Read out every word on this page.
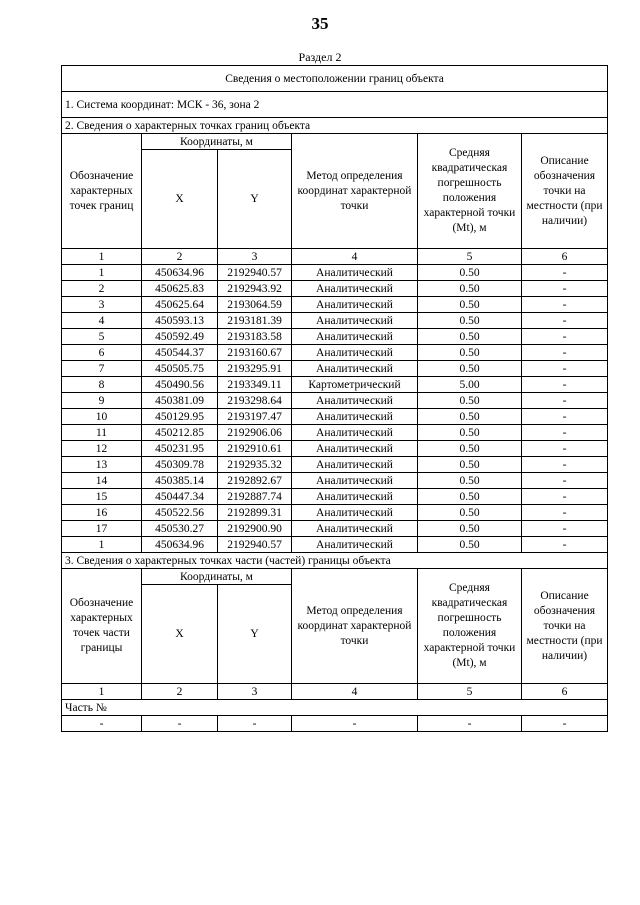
35
Раздел 2
Сведения о местоположении границ объекта					
1. Система координат: МСК - 36, зона 2					
2. Сведения о характерных точках границ объекта					
Обозначение характерных точек границ	Координаты, м		Метод определения координат характерной точки	Средняя квадратическая погрешность положения характерной точки (Mt), м	Описание обозначения точки на местности (при наличии)
	X	Y			
1	2	3	4	5	6
1	450634.96	2192940.57	Аналитический	0.50	-
2	450625.83	2192943.92	Аналитический	0.50	-
3	450625.64	2193064.59	Аналитический	0.50	-
4	450593.13	2193181.39	Аналитический	0.50	-
5	450592.49	2193183.58	Аналитический	0.50	-
6	450544.37	2193160.67	Аналитический	0.50	-
7	450505.75	2193295.91	Аналитический	0.50	-
8	450490.56	2193349.11	Картометрический	5.00	-
9	450381.09	2193298.64	Аналитический	0.50	-
10	450129.95	2193197.47	Аналитический	0.50	-
11	450212.85	2192906.06	Аналитический	0.50	-
12	450231.95	2192910.61	Аналитический	0.50	-
13	450309.78	2192935.32	Аналитический	0.50	-
14	450385.14	2192892.67	Аналитический	0.50	-
15	450447.34	2192887.74	Аналитический	0.50	-
16	450522.56	2192899.31	Аналитический	0.50	-
17	450530.27	2192900.90	Аналитический	0.50	-
1	450634.96	2192940.57	Аналитический	0.50	-
3. Сведения о характерных точках части (частей) границы объекта					
Обозначение характерных точек части границы	Координаты, м		Метод определения координат характерной точки	Средняя квадратическая погрешность положения характерной точки (Mt), м	Описание обозначения точки на местности (при наличии)
	X	Y			
1	2	3	4	5	6
Часть №					
-	-	-	-	-	-
